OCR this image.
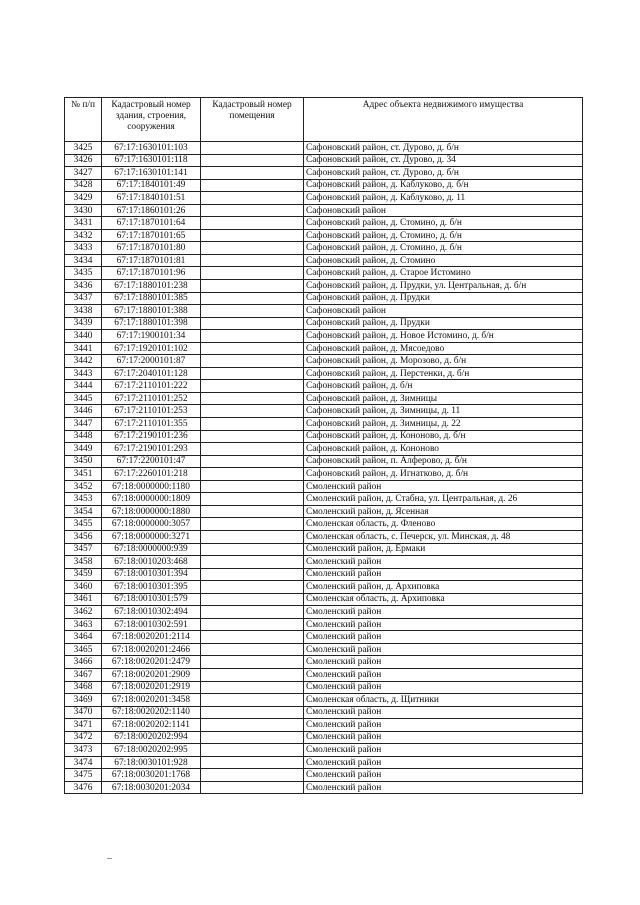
№ п/п	Кадастровый номер здания, строения, сооружения	Кадастровый номер помещения	Адрес объекта недвижимого имущества
3425	67:17:1630101:103		Сафоновский район, ст. Дурово, д. б/н
3426	67:17:1630101:118		Сафоновский район, ст. Дурово, д. 34
3427	67:17:1630101:141		Сафоновский район, ст. Дурово, д. б/н
3428	67:17:1840101:49		Сафоновский район, д. Каблуково, д. б/н
3429	67:17:1840101:51		Сафоновский район, д. Каблуково, д. 11
3430	67:17:1860101:26		Сафоновский район
3431	67:17:1870101:64		Сафоновский район, д. Стомино, д. б/н
3432	67:17:1870101:65		Сафоновский район, д. Стомино, д. б/н
3433	67:17:1870101:80		Сафоновский район, д. Стомино, д. б/н
3434	67:17:1870101:81		Сафоновский район, д. Стомино
3435	67:17:1870101:96		Сафоновский район, д. Старое Истомино
3436	67:17:1880101:238		Сафоновский район, д. Прудки, ул. Центральная, д. б/н
3437	67:17:1880101:385		Сафоновский район, д. Прудки
3438	67:17:1880101:388		Сафоновский район
3439	67:17:1880101:398		Сафоновский район, д. Прудки
3440	67:17:1900101:34		Сафоновский район, д. Новое Истомино, д. б/н
3441	67:17:1920101:102		Сафоновский район, д. Мясоедово
3442	67:17:2000101:87		Сафоновский район, д. Морозово, д. б/н
3443	67:17:2040101:128		Сафоновский район, д. Перстенки, д. б/н
3444	67:17:2110101:222		Сафоновский район, д. б/н
3445	67:17:2110101:252		Сафоновский район, д. Зимницы
3446	67:17:2110101:253		Сафоновский район, д. Зимницы, д. 11
3447	67:17:2110101:355		Сафоновский район, д. Зимницы, д. 22
3448	67:17:2190101:236		Сафоновский район, д. Кононово, д. б/н
3449	67:17:2190101:293		Сафоновский район, д. Кононово
3450	67:17:2200101:47		Сафоновский район, п. Алферово, д. б/н
3451	67:17:2260101:218		Сафоновский район, д. Игнатково, д. б/н
3452	67:18:0000000:1180		Смоленский район
3453	67:18:0000000:1809		Смоленский район, д. Стабна, ул. Центральная, д. 26
3454	67:18:0000000:1880		Смоленский район, д. Ясенная
3455	67:18:0000000:3057		Смоленская область, д. Фленово
3456	67:18:0000000:3271		Смоленская область, с. Печерск, ул. Минская, д. 48
3457	67:18:0000000:939		Смоленский район, д. Ермаки
3458	67:18:0010203:468		Смоленский район
3459	67:18:0010301:394		Смоленский район
3460	67:18:0010301:395		Смоленский район, д. Архиповка
3461	67:18:0010301:579		Смоленская область, д. Архиповка
3462	67:18:0010302:494		Смоленский район
3463	67:18:0010302:591		Смоленский район
3464	67:18:0020201:2114		Смоленский район
3465	67:18:0020201:2466		Смоленский район
3466	67:18:0020201:2479		Смоленский район
3467	67:18:0020201:2909		Смоленский район
3468	67:18:0020201:2919		Смоленский район
3469	67:18:0020201:3458		Смоленская область, д. Щитники
3470	67:18:0020202:1140		Смоленский район
3471	67:18:0020202:1141		Смоленский район
3472	67:18:0020202:994		Смоленский район
3473	67:18:0020202:995		Смоленский район
3474	67:18:0030101:928		Смоленский район
3475	67:18:0030201:1768		Смоленский район
3476	67:18:0030201:2034		Смоленский район
